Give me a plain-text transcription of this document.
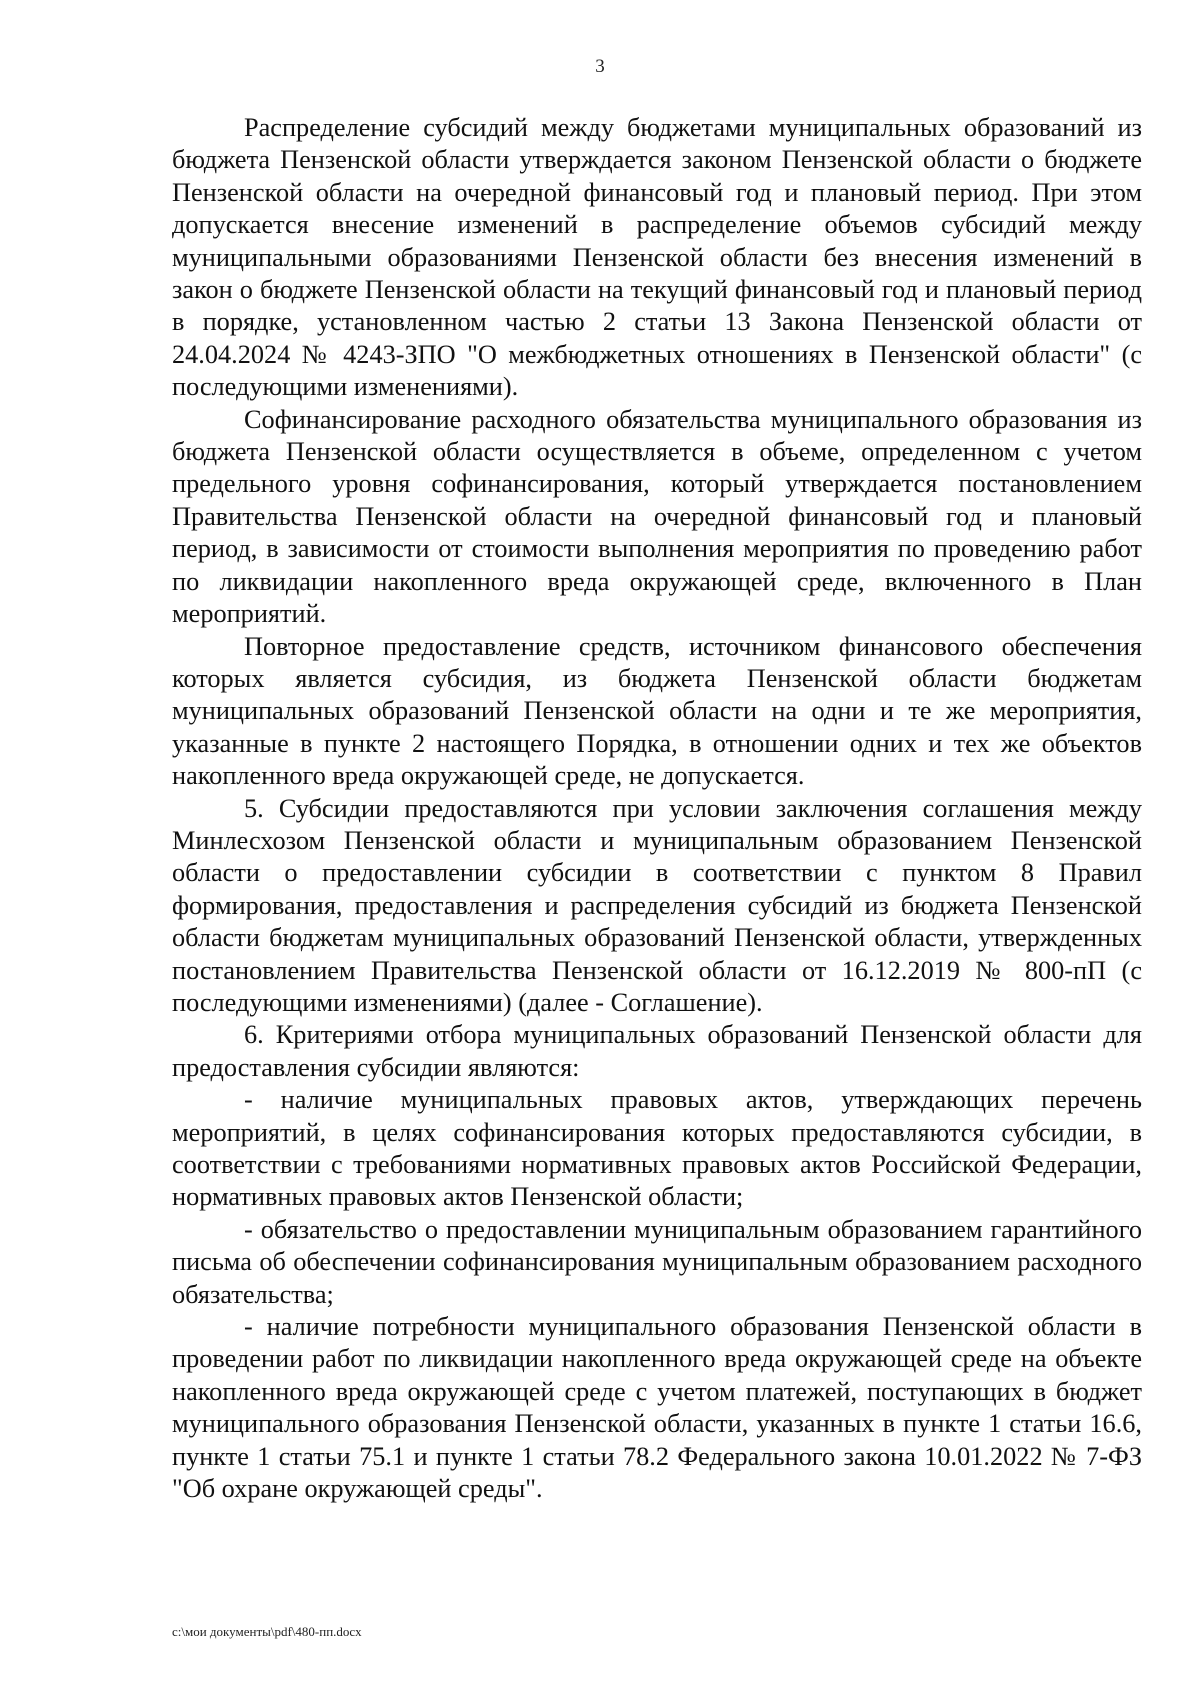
3

Распределение субсидий между бюджетами муниципальных образований из бюджета Пензенской области утверждается законом Пензенской области о бюджете Пензенской области на очередной финансовый год и плановый период. При этом допускается внесение изменений в распределение объемов субсидий между муниципальными образованиями Пензенской области без внесения изменений в закон о бюджете Пензенской области на текущий финансовый год и плановый период в порядке, установленном частью 2 статьи 13 Закона Пензенской области от 24.04.2024 № 4243-ЗПО "О межбюджетных отношениях в Пензенской области" (с последующими изменениями).

Софинансирование расходного обязательства муниципального образования из бюджета Пензенской области осуществляется в объеме, определенном с учетом предельного уровня софинансирования, который утверждается постановлением Правительства Пензенской области на очередной финансовый год и плановый период, в зависимости от стоимости выполнения мероприятия по проведению работ по ликвидации накопленного вреда окружающей среде, включенного в План мероприятий.

Повторное предоставление средств, источником финансового обеспечения которых является субсидия, из бюджета Пензенской области бюджетам муниципальных образований Пензенской области на одни и те же мероприятия, указанные в пункте 2 настоящего Порядка, в отношении одних и тех же объектов накопленного вреда окружающей среде, не допускается.

5. Субсидии предоставляются при условии заключения соглашения между Минлесхозом Пензенской области и муниципальным образованием Пензенской области о предоставлении субсидии в соответствии с пунктом 8 Правил формирования, предоставления и распределения субсидий из бюджета Пензенской области бюджетам муниципальных образований Пензенской области, утвержденных постановлением Правительства Пензенской области от 16.12.2019 № 800-пП (с последующими изменениями) (далее - Соглашение).

6. Критериями отбора муниципальных образований Пензенской области для предоставления субсидии являются:

- наличие муниципальных правовых актов, утверждающих перечень мероприятий, в целях софинансирования которых предоставляются субсидии, в соответствии с требованиями нормативных правовых актов Российской Федерации, нормативных правовых актов Пензенской области;

- обязательство о предоставлении муниципальным образованием гарантийного письма об обеспечении софинансирования муниципальным образованием расходного обязательства;

- наличие потребности муниципального образования Пензенской области в проведении работ по ликвидации накопленного вреда окружающей среде на объекте накопленного вреда окружающей среде с учетом платежей, поступающих в бюджет муниципального образования Пензенской области, указанных в пункте 1 статьи 16.6, пункте 1 статьи 75.1 и пункте 1 статьи 78.2 Федерального закона 10.01.2022 № 7-ФЗ "Об охране окружающей среды".

c:\мои документы\pdf\480-пп.docx
